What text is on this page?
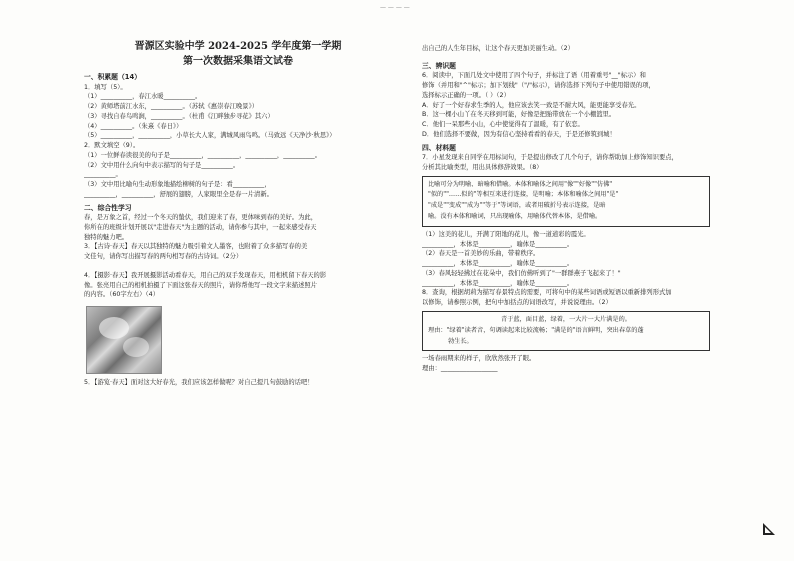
— — — —
晋源区实验中学 2024-2025 学年度第一学期
第一次数据采集语文试卷
一、积累题（14）
1．填写（5）。
（1）__________，春江水暖__________。
（2）黄师塔前江水东，__________。（苏轼《惠崇春江晚景》）
（3）寻找自春鸟鸣涧，__________。（杜甫《江畔独步寻花》其六）
（4）__________。（朱熹《春日》）
（5）__________，__________，小草长大人家，满城风雨鸟鸣。（马致远《天净沙·秋思》）
2．默文填空（9）。
（1）一位鲜春读很美的句子是__________，__________，__________，__________。
（2）文中用什么向句中表示描写的句子是__________。
__________。
（3）文中用比喻句生动形象地描绘柳树的句子是：看__________，
__________，__________，舒展的翅膀，人家眼里全是春一片清新。
二、综合性学习
春，是万象之首，经过一个冬天的蛰伏，我们迎来了春，更体味到春的美好。为此，
你所在的班级计划开展以"走进春天"为主题的活动，请你参与其中，一起来感受春天
独特的魅力吧。
3．【古诗·春天】春天以其独特的魅力吸引着文人墨客，也附着了众多描写春的美
文佳句，请你写出描写春的两句相写春的古诗词。（2分）
4．【摄影·春天】我开展摄影活动看春天，用自己的双手发现春天，用相机留下春天的影
像。张亮用自己的相机拍摄了下面这张春天的照片，请你帮他写一段文字来描述照片
的内容。（60字左右）（4）
5．【游览·春天】面对这大好春光，我们应该怎样做呢？对自己提几句鼓励的话吧！
出自己的人生年目标，让这个春天更加美丽生动。（2）
三、辨识题
6．阅读中，下面几处文中使用了四个句子，并标注了语（用着重号"__"标示）和
修饰（并用和"^"标示；加下划线"（"/"标示），请你选择下列句子中使用错误的项，
选择标示正确的一项。（ ）（2）
A．好了一个好春求生季的人，他应该去笑一致是不耐大风，能更能享受春光。
B．这一棵小山丫在冬天移到可能，好像是把胎带放在一个小棚篮里。
C．他们一呆那些小山，心中使觉得有了温暖，有了依恋。
D．他们选择不要做，因为有信心坚持看看的春天，于是还修筑到城！
四、材料题
7．小星发现来自同学在用标词句，于是提出修改了几个句子，请你帮助加上修饰知识要点，
分析其比喻类型，用出具体修辞效果。（8）
比喻可分为明喻、暗喻和借喻。本体和喻体之间用"像""好像""仿佛"
"似的""……似的"等相互来进行连接，是明喻；本体和喻体之间用"是"
"成是""变成""成为""等于"等词语，或者用破折号表示连接，是暗
喻。没有本体和喻词，只出现喻体，用喻体代替本体，是借喻。
（1）这美的花儿，开满了阳地的花儿，像一道道彩的霞光。
__________，本体是__________，喻体是__________。
（2）春天是一首美妙的乐曲，带着秩序。
__________，本体是__________，喻体是__________。
（3）春风轻轻拂过在花朵中，我们仿佛听到了"一群群燕子飞起来了！"
__________，本体是__________，喻体是__________。
8．查询，根据胡莉为描写春景特点的需要，可将句中的某些词语或短语以重新排列形式加
以修饰，请参照示例，把句中加括点的词语改写，并说说理由。（2）
青于蓝，面目蓝，绿着，一大片一大片满是的。
理由："绿着"读者音，句调读起来比较流畅；"满是的"语言鲜明，突出春草的蓬
勃生长。
一场春雨期来的样子，欣欣然张开了眼。
理由：__________________
